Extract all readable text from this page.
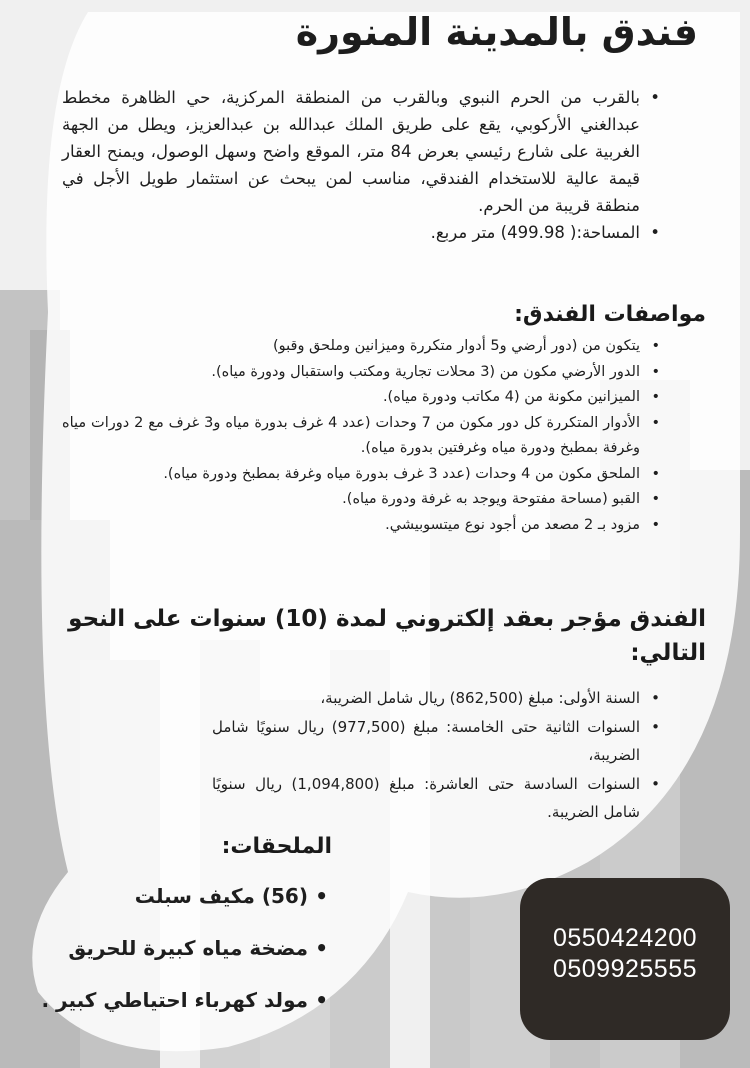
فندق بالمدينة المنورة
• بالقرب من الحرم النبوي وبالقرب من المنطقة المركزية، حي الظاهرة مخطط عبدالغني الأركوبي، يقع على طريق الملك عبدالله بن عبدالعزيز، ويطل من الجهة الغربية على شارع رئيسي بعرض 84 متر، الموقع واضح وسهل الوصول، ويمنح العقار قيمة عالية للاستخدام الفندقي، مناسب لمن يبحث عن استثمار طويل الأجل في منطقة قريبة من الحرم.
• المساحة:( 499.98) متر مربع.
مواصفات الفندق:
• يتكون من (دور أرضي و5 أدوار متكررة وميزانين وملحق وقبو)
• الدور الأرضي مكون من (3 محلات تجارية ومكتب واستقبال ودورة مياه).
• الميزانين مكونة من (4 مكاتب ودورة مياه).
• الأدوار المتكررة كل دور مكون من 7 وحدات (عدد 4 غرف بدورة مياه و3 غرف مع 2 دورات مياه وغرفة بمطبخ ودورة مياه وغرفتين بدورة مياه).
• الملحق مكون من 4 وحدات (عدد 3 غرف بدورة مياه وغرفة بمطبخ ودورة مياه).
• القبو (مساحة مفتوحة ويوجد به غرفة ودورة مياه).
• مزود بـ 2 مصعد من أجود نوع ميتسوبيشي.
الفندق مؤجر بعقد إلكتروني لمدة (10) سنوات على النحو التالي:
• السنة الأولى: مبلغ (862,500) ريال شامل الضريبة،
• السنوات الثانية حتى الخامسة: مبلغ (977,500) ريال سنويًا شامل الضريبة،
• السنوات السادسة حتى العاشرة: مبلغ (1,094,800) ريال سنويًا شامل الضريبة.
الملحقات:
• (56) مكيف سبلت
• مضخة مياه كبيرة للحريق
• مولد كهرباء احتياطي كبير .
0550424200
0509925555
